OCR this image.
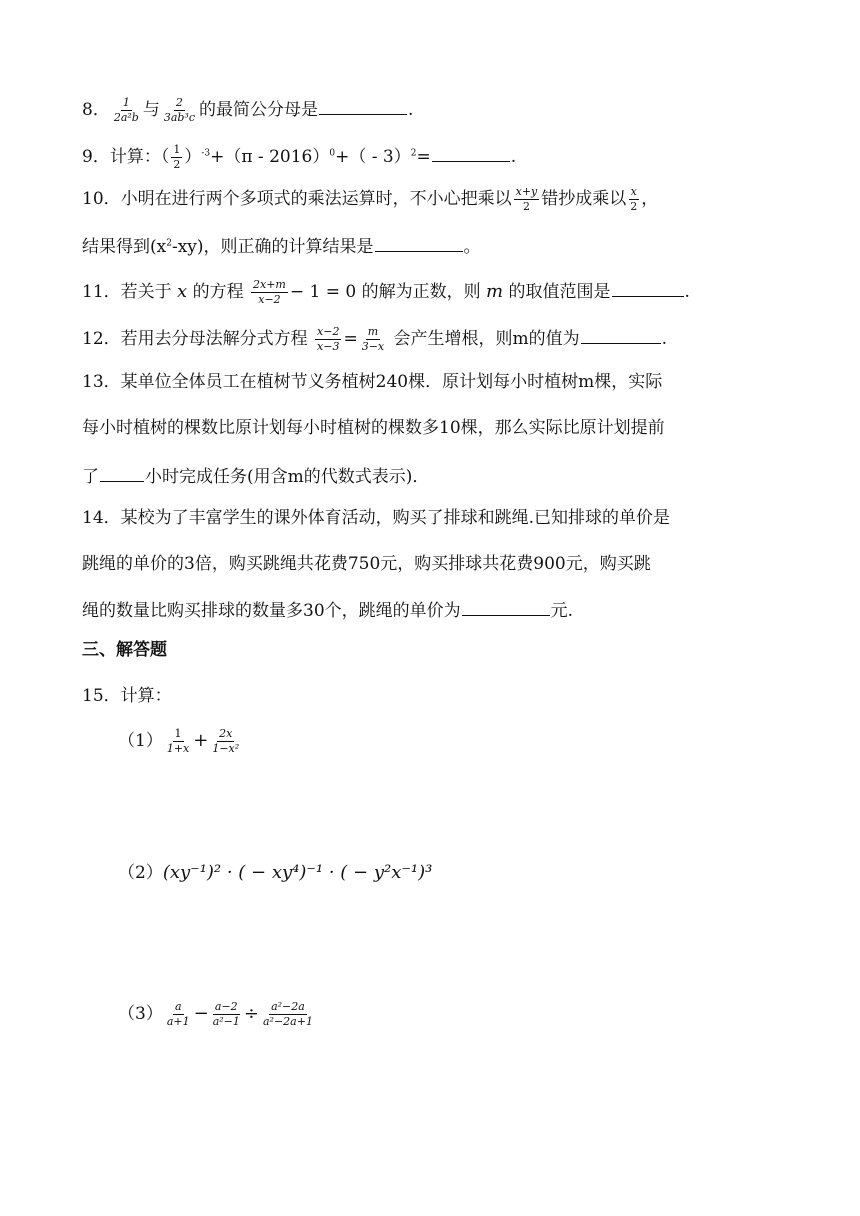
8． $\frac{1}{\text{2a²b}}$ 与 $\frac{2}{\text{3ab³c}}$ 的最简公分母是	.
9．计算：（ $\frac{1}{2} )^{-3}+(\pi - 2016)^0+( - 3)^2=$	.
10．小明在进行两个多项式的乘法运算时，不小心把乘以 $\frac{x+y}{2}$ 错抄成乘以 $\frac{x}{2}$ ，
结果得到$(x^2-xy)$，则正确的计算结果是	。
11．若关于 x 的方程 $\frac{2x+m}{x-2} - 1 = 0$ 的解为正数，则 m 的取值范围是	.
12．若用去分母法解分式方程 $\frac{x-2}{x-3} = \frac{m}{3-x}$ 会产生增根，则m的值为	.
13．某单位全体员工在植树节义务植树240棵．原计划每小时植树m棵，实际
每小时植树的棵数比原计划每小时植树的棵数多10棵，那么实际比原计划提前
了	小时完成任务(用含m的代数式表示)．
14．某校为了丰富学生的课外体育活动，购买了排球和跳绳.已知排球的单价是
跳绳的单价的3倍，购买跳绳共花费750元，购买排球共花费900元，购买跳
绳的数量比购买排球的数量多30个，跳绳的单价为	元.
三、解答题
15．计算：
$(1) \frac{1}{1+x} + \frac{2x}{\text{1−x²}}$
（2）(xy⁻¹)² · ( − xy⁴)⁻¹ · ( − y²x⁻¹)³
$(3) \frac{a}{a+1} - \frac{a-2}{\text{a²−1}} \div \frac{\text{a²−2a}}{\text{a²−2a+1}}$
